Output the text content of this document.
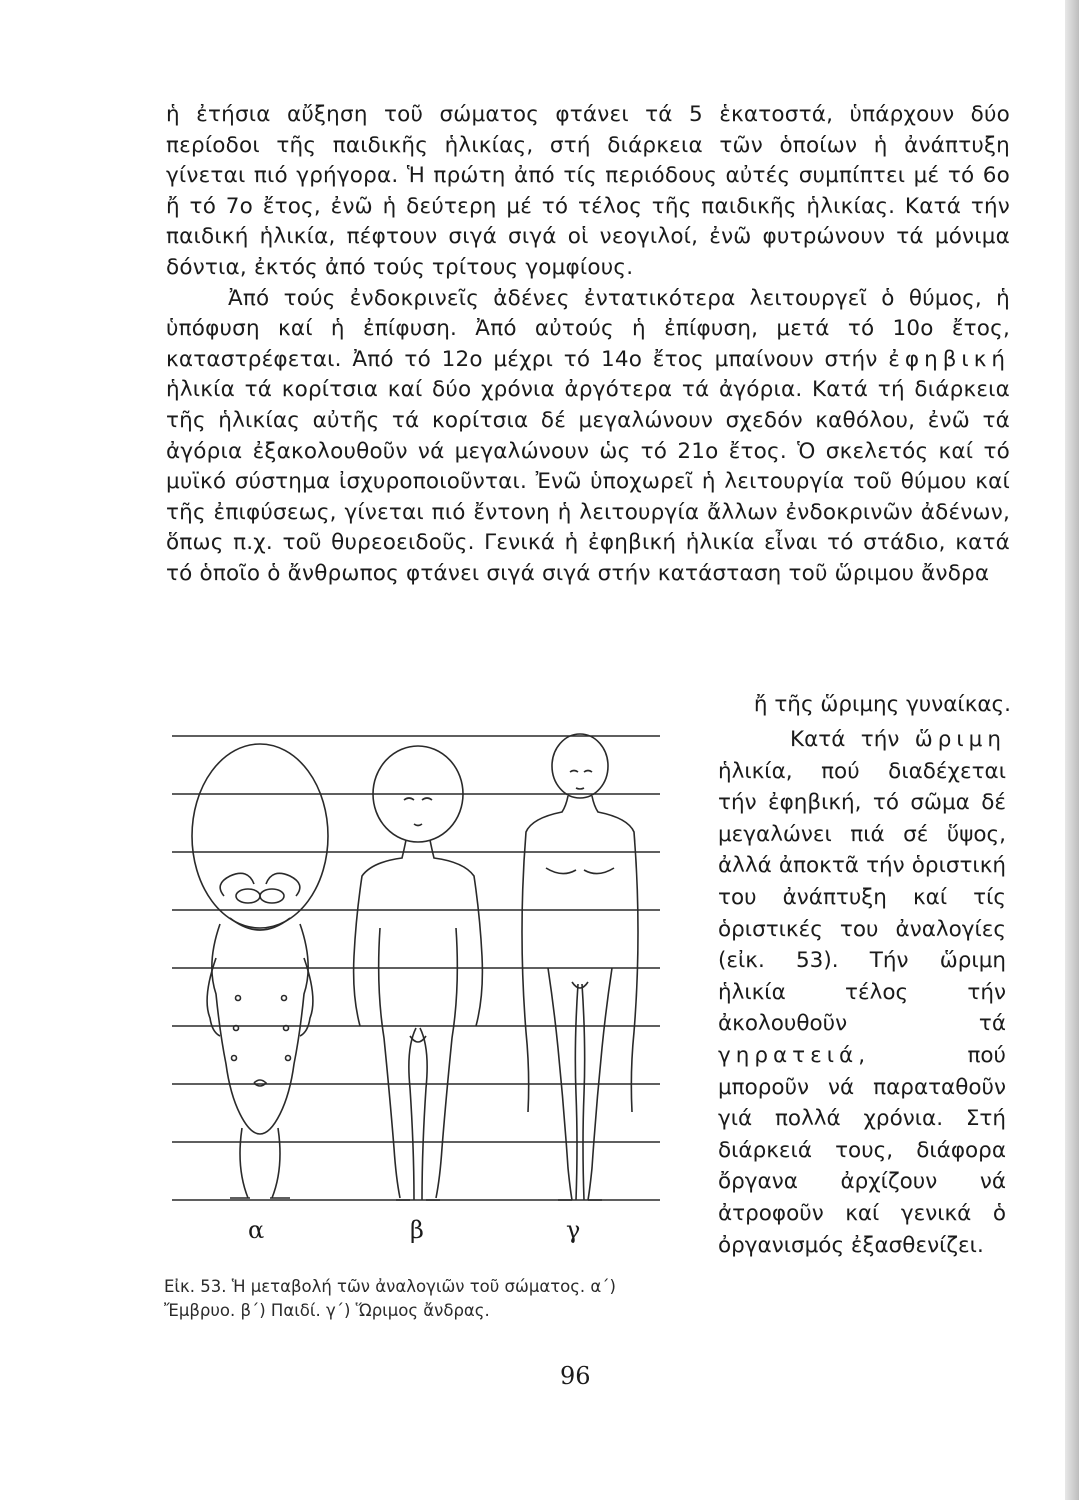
ἡ ἐτήσια αὔξηση τοῦ σώματος φτάνει τά 5 ἑκατοστά, ὑπάρχουν δύο περίοδοι τῆς παιδικῆς ἡλικίας, στή διάρκεια τῶν ὁποίων ἡ ἀνάπτυξη γίνεται πιό γρήγορα. Ἡ πρώτη ἀπό τίς περιόδους αὐτές συμπίπτει μέ τό 6ο ἤ τό 7ο ἔτος, ἐνῶ ἡ δεύτερη μέ τό τέλος τῆς παιδικῆς ἡλικίας. Κατά τήν παιδική ἡλικία, πέφτουν σιγά σιγά οἱ νεογιλοί, ἐνῶ φυτρώνουν τά μόνιμα δόντια, ἐκτός ἀπό τούς τρίτους γομφίους.

Ἀπό τούς ἐνδοκρινεῖς ἀδένες ἐντατικότερα λειτουργεῖ ὁ θύμος, ἡ ὑπόφυση καί ἡ ἐπίφυση. Ἀπό αὐτούς ἡ ἐπίφυση, μετά τό 10ο ἔτος, καταστρέφεται. Ἀπό τό 12ο μέχρι τό 14ο ἔτος μπαίνουν στήν ἐφηβική ἡλικία τά κορίτσια καί δύο χρόνια ἀργότερα τά ἀγόρια. Κατά τή διάρκεια τῆς ἡλικίας αὐτῆς τά κορίτσια δέ μεγαλώνουν σχεδόν καθόλου, ἐνῶ τά ἀγόρια ἐξακολουθοῦν νά μεγαλώνουν ὡς τό 21ο ἔτος. Ὁ σκελετός καί τό μυϊκό σύστημα ἰσχυροποιοῦνται. Ἐνῶ ὑποχωρεῖ ἡ λειτουργία τοῦ θύμου καί τῆς ἐπιφύσεως, γίνεται πιό ἔντονη ἡ λειτουργία ἄλλων ἐνδοκρινῶν ἀδένων, ὅπως π.χ. τοῦ θυρεοειδοῦς. Γενικά ἡ ἐφηβική ἡλικία εἶναι τό στάδιο, κατά τό ὁποῖο ὁ ἄνθρωπος φτάνει σιγά σιγά στήν κατάσταση τοῦ ὥριμου ἄνδρα

ἤ τῆς ὥριμης γυναίκας.

Κατά τήν ὥριμη ἡλικία, πού διαδέχεται τήν ἐφηβική, τό σῶμα δέ μεγαλώνει πιά σέ ὕψος, ἀλλά ἀποκτᾶ τήν ὁριστική του ἀνάπτυξη καί τίς ὁριστικές του ἀναλογίες (εἰκ. 53). Τήν ὥριμη ἡλικία τέλος τήν ἀκολουθοῦν τά γηρατειά, πού μποροῦν νά παραταθοῦν γιά πολλά χρόνια. Στή διάρκειά τους, διάφορα ὄργανα ἀρχίζουν νά ἀτροφοῦν καί γενικά ὁ ὀργανισμός ἐξασθενίζει.

α	β	γ

Εἰκ. 53. Ἡ μεταβολή τῶν ἀναλογιῶν τοῦ σώματος. α΄) Ἔμβρυο. β΄) Παιδί. γ΄) Ὥριμος ἄνδρας.

96
